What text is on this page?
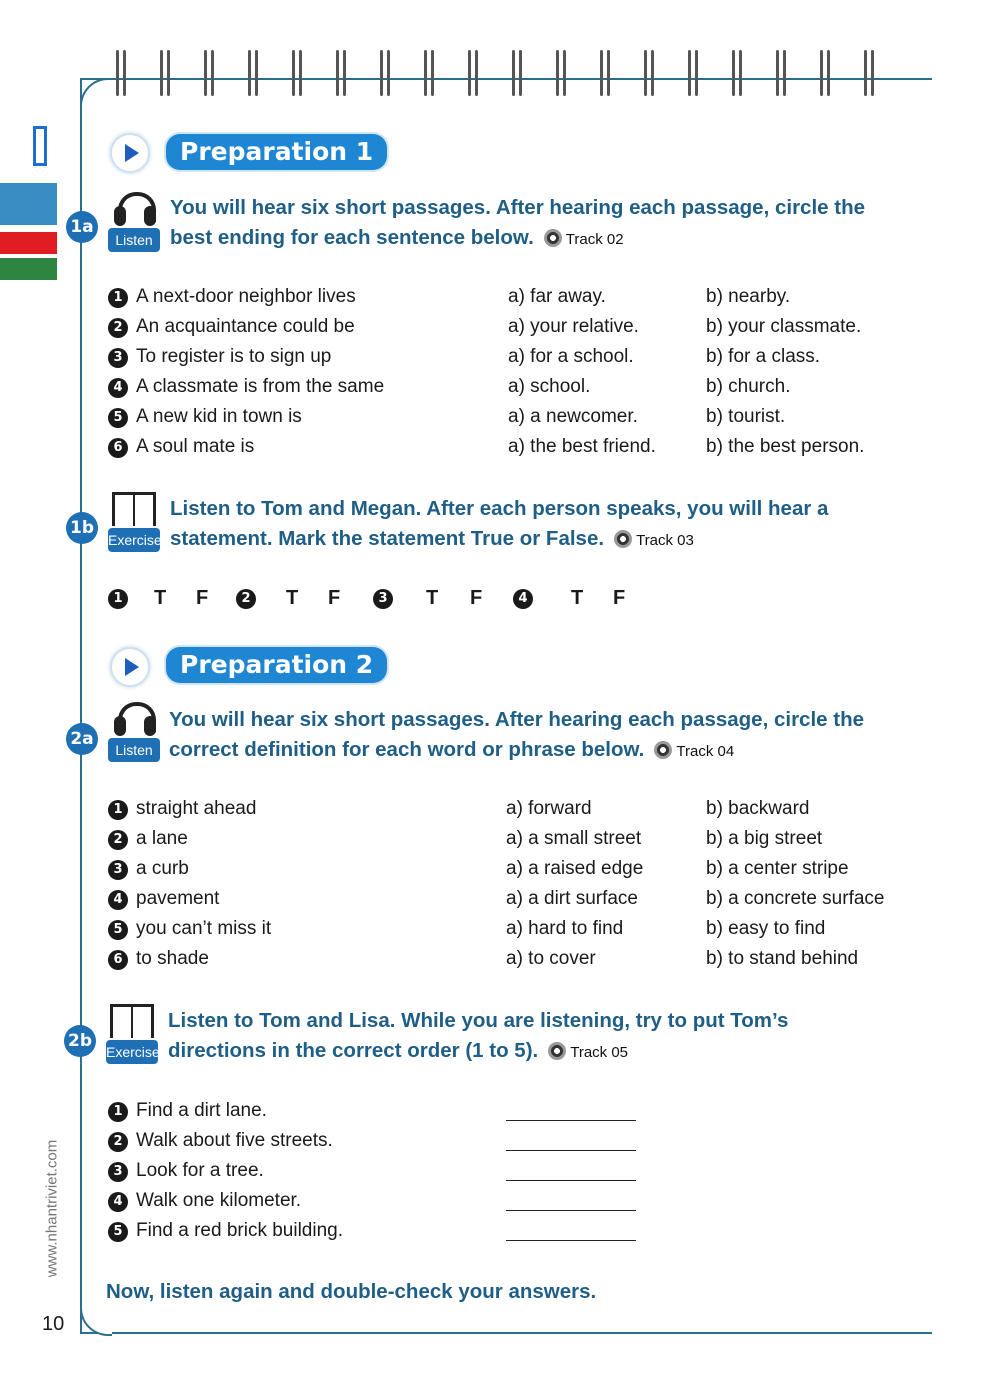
Preparation 1
1a
Listen
You will hear six short passages. After hearing each passage, circle the
best ending for each sentence below. Track 02
1 A next-door neighbor lives	a) far away.	b) nearby.
2 An acquaintance could be	a) your relative.	b) your classmate.
3 To register is to sign up	a) for a school.	b) for a class.
4 A classmate is from the same	a) school.	b) church.
5 A new kid in town is	a) a newcomer.	b) tourist.
6 A soul mate is	a) the best friend.	b) the best person.
1b
Exercise
Listen to Tom and Megan. After each person speaks, you will hear a
statement. Mark the statement True or False. Track 03
1 T F	2 T F	3 T F	4 T F
Preparation 2
2a
Listen
You will hear six short passages. After hearing each passage, circle the
correct definition for each word or phrase below. Track 04
1 straight ahead	a) forward	b) backward
2 a lane	a) a small street	b) a big street
3 a curb	a) a raised edge	b) a center stripe
4 pavement	a) a dirt surface	b) a concrete surface
5 you can’t miss it	a) hard to find	b) easy to find
6 to shade	a) to cover	b) to stand behind
2b
Exercise
Listen to Tom and Lisa. While you are listening, try to put Tom’s
directions in the correct order (1 to 5). Track 05
1 Find a dirt lane.
2 Walk about five streets.
3 Look for a tree.
4 Walk one kilometer.
5 Find a red brick building.
Now, listen again and double-check your answers.
10
www.nhantriviet.com
